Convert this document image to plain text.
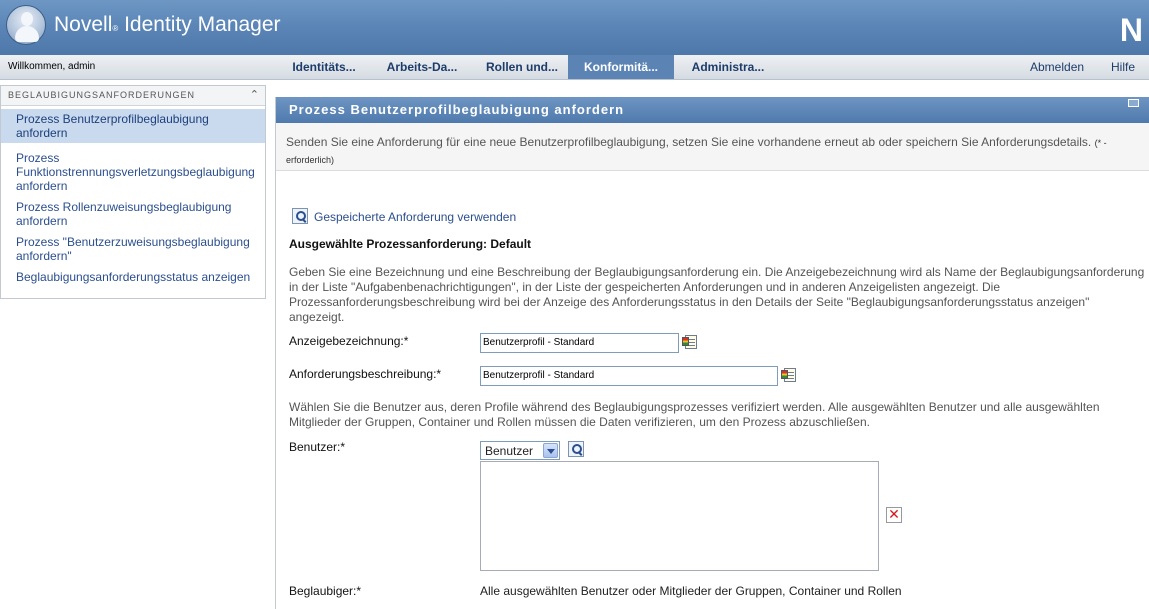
Novell® Identity Manager	N
Willkommen, admin	Identitäts...	Arbeits-Da...	Rollen und...	Konformitä...	Administra...	Abmelden Hilfe
BEGLAUBIGUNGSANFORDERUNGEN	⌃
Prozess Benutzerprofilbeglaubigung anfordern
Prozess Funktionstrennungsverletzungsbeglaubigung anfordern
Prozess Rollenzuweisungsbeglaubigung anfordern
Prozess "Benutzerzuweisungsbeglaubigung anfordern"
Beglaubigungsanforderungsstatus anzeigen
Prozess Benutzerprofilbeglaubigung anfordern
Senden Sie eine Anforderung für eine neue Benutzerprofilbeglaubigung, setzen Sie eine vorhandene erneut ab oder speichern Sie Anforderungsdetails. (* - erforderlich)
Gespeicherte Anforderung verwenden
Ausgewählte Prozessanforderung: Default
Geben Sie eine Bezeichnung und eine Beschreibung der Beglaubigungsanforderung ein. Die Anzeigebezeichnung wird als Name der Beglaubigungsanforderung in der Liste "Aufgabenbenachrichtigungen", in der Liste der gespeicherten Anforderungen und in anderen Anzeigelisten angezeigt. Die Prozessanforderungsbeschreibung wird bei der Anzeige des Anforderungsstatus in den Details der Seite "Beglaubigungsanforderungsstatus anzeigen" angezeigt.
Anzeigebezeichnung:*	Benutzerprofil - Standard
Anforderungsbeschreibung:*	Benutzerprofil - Standard
Wählen Sie die Benutzer aus, deren Profile während des Beglaubigungsprozesses verifiziert werden. Alle ausgewählten Benutzer und alle ausgewählten Mitglieder der Gruppen, Container und Rollen müssen die Daten verifizieren, um den Prozess abzuschließen.
Benutzer:*	Benutzer
✕
Beglaubiger:*	Alle ausgewählten Benutzer oder Mitglieder der Gruppen, Container und Rollen
